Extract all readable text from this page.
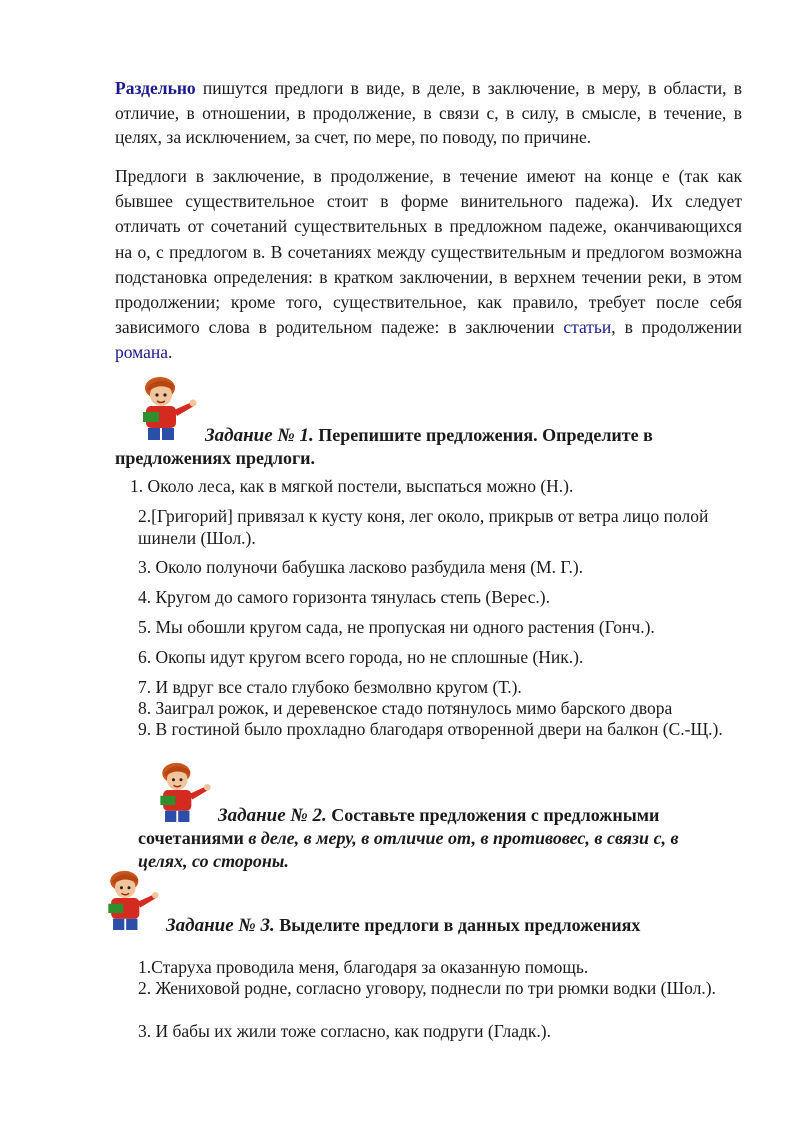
Раздельно пишутся предлоги в виде, в деле, в заключение, в меру, в области, в отличие, в отношении, в продолжение, в связи с, в силу, в смысле, в течение, в целях, за исключением, за счет, по мере, по поводу, по причине.

Предлоги в заключение, в продолжение, в течение имеют на конце е (так как бывшее существительное стоит в форме винительного падежа). Их следует отличать от сочетаний существительных в предложном падеже, оканчивающихся на о, с предлогом в. В сочетаниях между существительным и предлогом возможна подстановка определения: в кратком заключении, в верхнем течении реки, в этом продолжении; кроме того, существительное, как правило, требует после себя зависимого слова в родительном падеже: в заключении статьи, в продолжении романа.

Задание № 1. Перепишите предложения. Определите в предложениях предлоги.
1. Около леса, как в мягкой постели, выспаться можно (Н.).
2.[Григорий] привязал к кусту коня, лег около, прикрыв от ветра лицо полой шинели (Шол.).
3. Около полуночи бабушка ласково разбудила меня (М. Г.).
4. Кругом до самого горизонта тянулась степь (Верес.).
5. Мы обошли кругом сада, не пропуская ни одного растения (Гонч.).
6. Окопы идут кругом всего города, но не сплошные (Ник.).
7. И вдруг все стало глубоко безмолвно кругом (Т.).
8. Заиграл рожок, и деревенское стадо потянулось мимо барского двора
9. В гостиной было прохладно благодаря отворенной двери на балкон (С.-Щ.).
Задание № 2. Составьте предложения с предложными сочетаниями в деле, в меру, в отличие от, в противовес, в связи с, в целях, со стороны.
Задание № 3. Выделите предлоги в данных предложениях
1.Старуха проводила меня, благодаря за оказанную помощь.
2. Жениховой родне, согласно уговору, поднесли по три рюмки водки (Шол.).
3. И бабы их жили тоже согласно, как подруги (Гладк.).
